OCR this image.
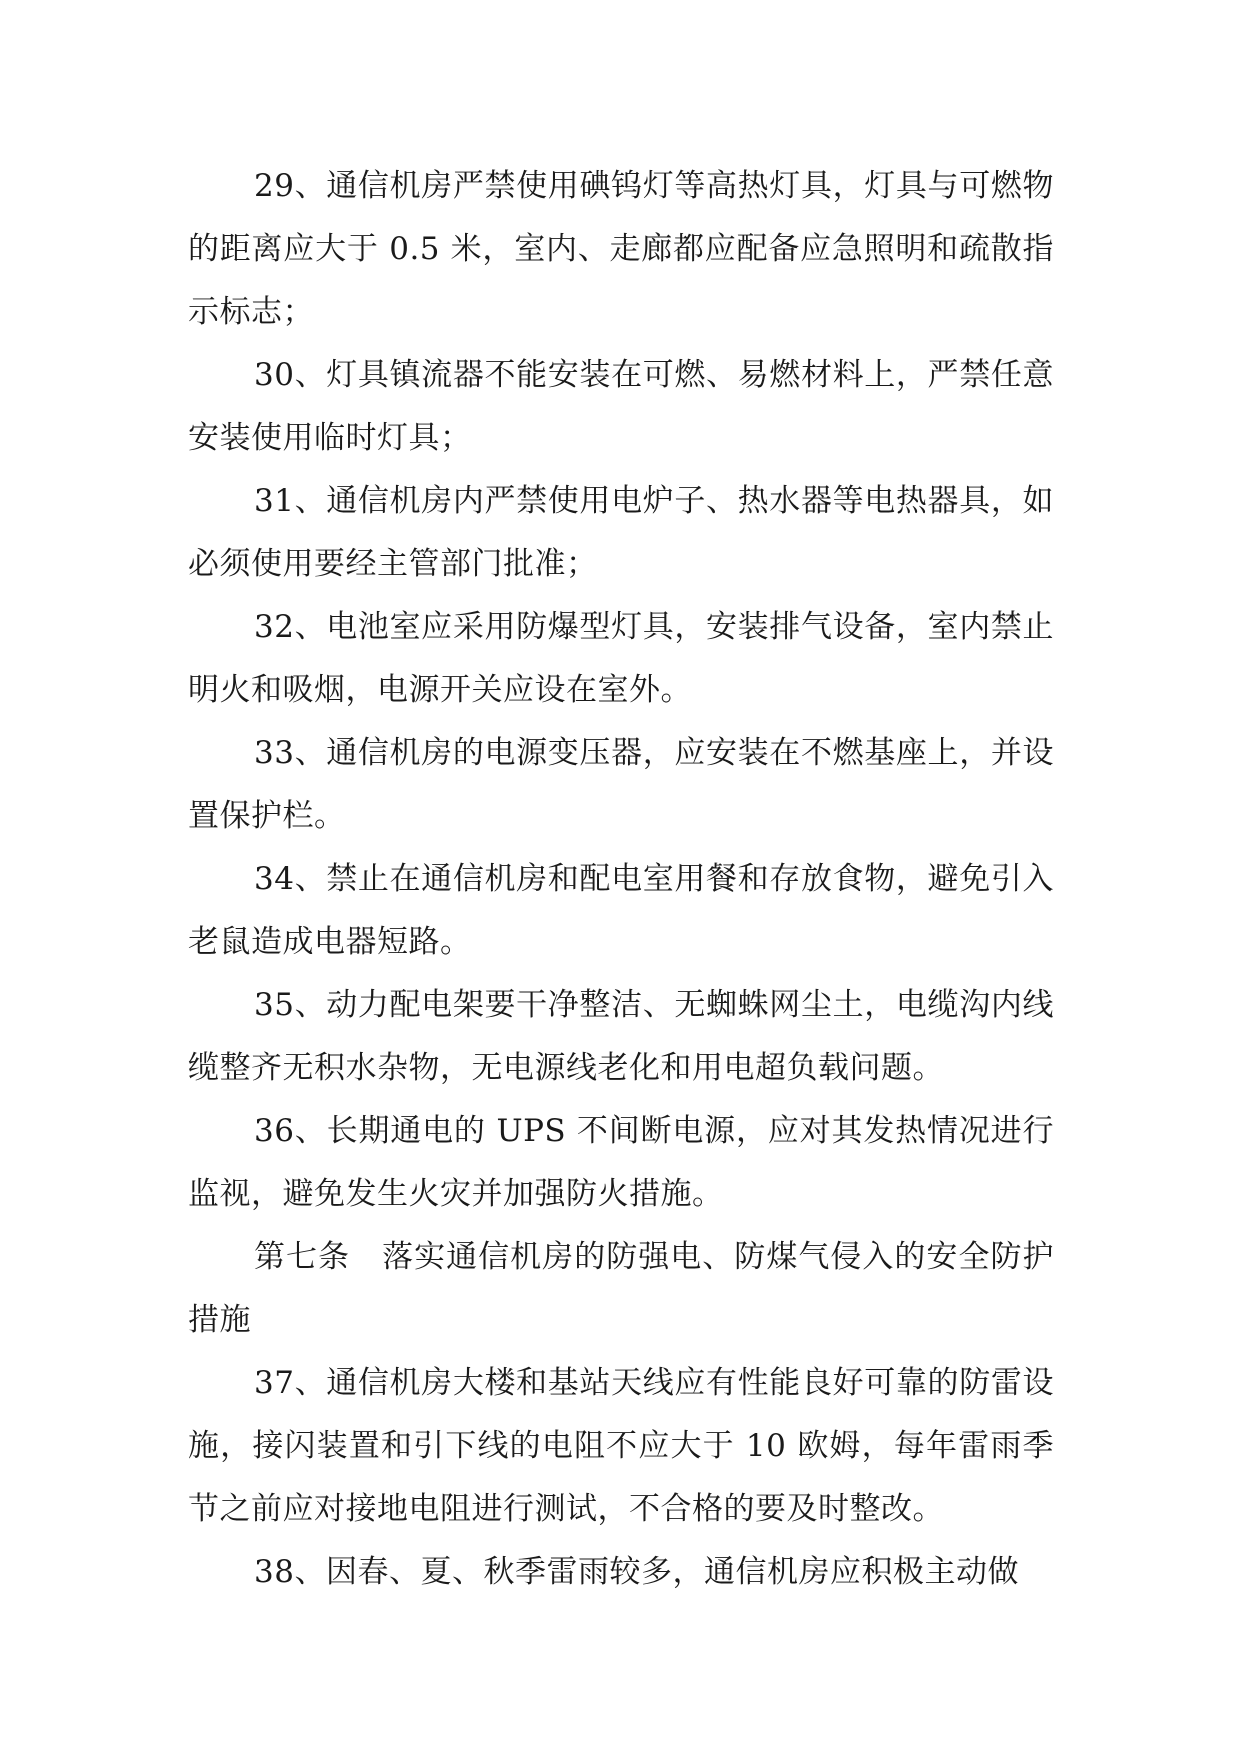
29、通信机房严禁使用碘钨灯等高热灯具，灯具与可燃物的距离应大于 0.5 米，室内、走廊都应配备应急照明和疏散指示标志；

30、灯具镇流器不能安装在可燃、易燃材料上，严禁任意安装使用临时灯具；

31、通信机房内严禁使用电炉子、热水器等电热器具，如必须使用要经主管部门批准；

32、电池室应采用防爆型灯具，安装排气设备，室内禁止明火和吸烟，电源开关应设在室外。

33、通信机房的电源变压器，应安装在不燃基座上，并设置保护栏。

34、禁止在通信机房和配电室用餐和存放食物，避免引入老鼠造成电器短路。

35、动力配电架要干净整洁、无蜘蛛网尘土，电缆沟内线缆整齐无积水杂物，无电源线老化和用电超负载问题。

36、长期通电的 UPS 不间断电源，应对其发热情况进行监视，避免发生火灾并加强防火措施。

第七条　落实通信机房的防强电、防煤气侵入的安全防护措施

37、通信机房大楼和基站天线应有性能良好可靠的防雷设施，接闪装置和引下线的电阻不应大于 10 欧姆，每年雷雨季节之前应对接地电阻进行测试，不合格的要及时整改。

38、因春、夏、秋季雷雨较多，通信机房应积极主动做
